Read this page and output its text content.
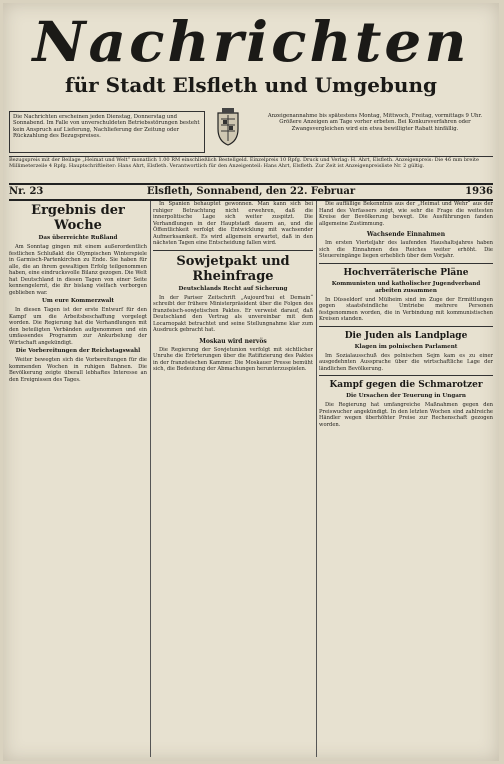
Nachrichten
für Stadt Elsfleth und Umgebung
Die Nachrichten erscheinen jeden Dienstag, Donnerstag und Sonnabend. Im Falle von unverschuldeten Betriebsstörungen besteht kein Anspruch auf Lieferung, Nachlieferung der Zeitung oder Rückzahlung des Bezugspreises.
Anzeigenannahme bis spätestens Montag, Mittwoch, Freitag, vormittags 9 Uhr. Größere Anzeigen am Tage vorher erbeten. Bei Konkursverfahren oder Zwangsvergleichen wird ein etwa bewilligter Rabatt hinfällig.
Bezugspreis mit der Beilage „Heimat und Welt“ monatlich 1.00 RM einschließlich Bestellgeld. Einzelpreis 10 Rpfg. Druck und Verlag: H. Ahrt, Elsfleth. Anzeigenpreis: Die 46 mm breite Millimeterzeile 4 Rpfg. Hauptschriftleiter: Hans Ahrt, Elsfleth. Verantwortlich für den Anzeigenteil: Hans Ahrt, Elsfleth. Zur Zeit ist Anzeigenpreisliste Nr. 2 gültig.
Elsfleth, Sonnabend, den 22. Februar
Nr. 23	1936
Ergebnis der Woche
Das überreichte Rußland

Am Sonntag gingen mit einem außerordentlich festlichen Schlußakt die Olympischen Winterspiele in Garmisch-Partenkirchen zu Ende. Sie haben für alle, die an ihrem gewaltigen Erfolg teilgenommen haben, eine eindrucksvolle Bilanz gezogen. Die Welt hat Deutschland in diesen Tagen von einer Seite kennengelernt, die ihr bislang vielfach verborgen geblieben war.

Um eure Kommerzwalt

In diesen Tagen ist der erste Entwurf für den Kampf um die Arbeitsbeschaffung vorgelegt worden. Die Regierung hat die Verhandlungen mit den beteiligten Verbänden aufgenommen und ein umfassendes Programm zur Ankurbelung der Wirtschaft angekündigt.

Die Vorbereitungen der Reichstagswahl

Weiter bewegten sich die Vorbereitungen für die kommenden Wochen in ruhigen Bahnen. Die Bevölkerung zeigte überall lebhaftes Interesse an den Ereignissen des Tages.

In Spanien behauptet gewonnen. Man kann sich bei ruhiger Betrachtung nicht erwehren, daß die innerpolitische Lage sich weiter zuspitzt. Die Verhandlungen in der Hauptstadt dauern an, und die Öffentlichkeit verfolgt die Entwicklung mit wachsender Aufmerksamkeit. Es wird allgemein erwartet, daß in den nächsten Tagen eine Entscheidung fallen wird.

Sowjetpakt und Rheinfrage
Deutschlands Recht auf Sicherung

In der Pariser Zeitschrift „Aujourd'hui et Demain“ schreibt der frühere Ministerpräsident über die Folgen des französisch-sowjetischen Paktes. Er verweist darauf, daß Deutschland den Vertrag als unvereinbar mit dem Locarnopakt betrachtet und seine Stellungnahme klar zum Ausdruck gebracht hat.

Moskau wird nervös

Die Regierung der Sowjetunion verfolgt mit sichtlicher Unruhe die Erörterungen über die Ratifizierung des Paktes in der französischen Kammer. Die Moskauer Presse bemüht sich, die Bedeutung der Abmachungen herunterzuspielen.

Die auffällige Bekenntnis aus der „Heimat und Wehr“ aus der Hand des Verfassers zeigt, wie sehr die Frage die weitesten Kreise der Bevölkerung bewegt. Die Ausführungen fanden allgemeine Zustimmung.

Wachsende Einnahmen

Im ersten Vierteljahr des laufenden Haushaltsjahres haben sich die Einnahmen des Reiches weiter erhöht. Die Steuereingänge liegen erheblich über dem Vorjahr.

Hochverräterische Pläne
Kommunisten und katholischer Jugendverband arbeiten zusammen

In Düsseldorf und Mülheim sind im Zuge der Ermittlungen gegen staatsfeindliche Umtriebe mehrere Personen festgenommen worden, die in Verbindung mit kommunistischen Kreisen standen.

Die Juden als Landplage
Klagen im polnischen Parlament

Im Sozialausschuß des polnischen Sejm kam es zu einer ausgedehnten Aussprache über die wirtschaftliche Lage der ländlichen Bevölkerung.

Kampf gegen die Schmarotzer
Die Ursachen der Teuerung in Ungarn

Die Regierung hat umfangreiche Maßnahmen gegen den Preiswucher angekündigt. In den letzten Wochen sind zahlreiche Händler wegen überhöhter Preise zur Rechenschaft gezogen worden.
